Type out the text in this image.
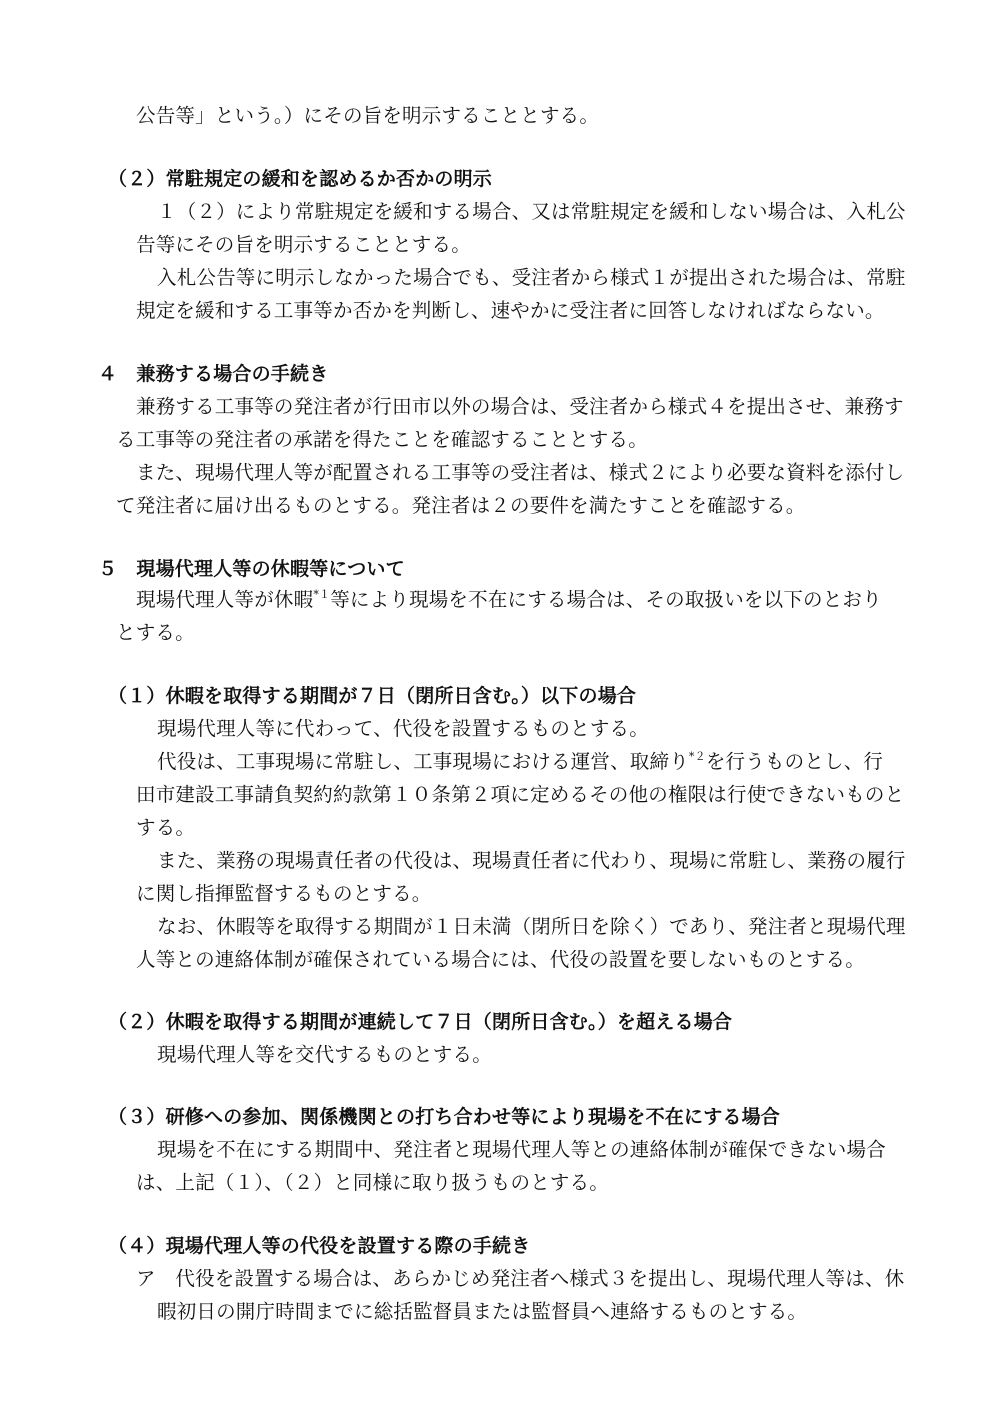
公告等」という。）にその旨を明示することとする。
（２）常駐規定の緩和を認めるか否かの明示
１（２）により常駐規定を緩和する場合、又は常駐規定を緩和しない場合は、入札公
告等にその旨を明示することとする。
入札公告等に明示しなかった場合でも、受注者から様式１が提出された場合は、常駐
規定を緩和する工事等か否かを判断し、速やかに受注者に回答しなければならない。
４　兼務する場合の手続き
兼務する工事等の発注者が行田市以外の場合は、受注者から様式４を提出させ、兼務す
る工事等の発注者の承諾を得たことを確認することとする。
また、現場代理人等が配置される工事等の受注者は、様式２により必要な資料を添付し
て発注者に届け出るものとする。発注者は２の要件を満たすことを確認する。
５　現場代理人等の休暇等について
現場代理人等が休暇$^{*1}$等により現場を不在にする場合は、その取扱いを以下のとおり
とする。
（１）休暇を取得する期間が７日（閉所日含む。）以下の場合
現場代理人等に代わって、代役を設置するものとする。
代役は、工事現場に常駐し、工事現場における運営、取締り$^{*2}$を行うものとし、行
田市建設工事請負契約約款第１０条第２項に定めるその他の権限は行使できないものと
する。
また、業務の現場責任者の代役は、現場責任者に代わり、現場に常駐し、業務の履行
に関し指揮監督するものとする。
なお、休暇等を取得する期間が１日未満（閉所日を除く）であり、発注者と現場代理
人等との連絡体制が確保されている場合には、代役の設置を要しないものとする。
（２）休暇を取得する期間が連続して７日（閉所日含む。）を超える場合
現場代理人等を交代するものとする。
（３）研修への参加、関係機関との打ち合わせ等により現場を不在にする場合
現場を不在にする期間中、発注者と現場代理人等との連絡体制が確保できない場合
は、上記（１）、（２）と同様に取り扱うものとする。
（４）現場代理人等の代役を設置する際の手続き
ア　代役を設置する場合は、あらかじめ発注者へ様式３を提出し、現場代理人等は、休
暇初日の開庁時間までに総括監督員または監督員へ連絡するものとする。
